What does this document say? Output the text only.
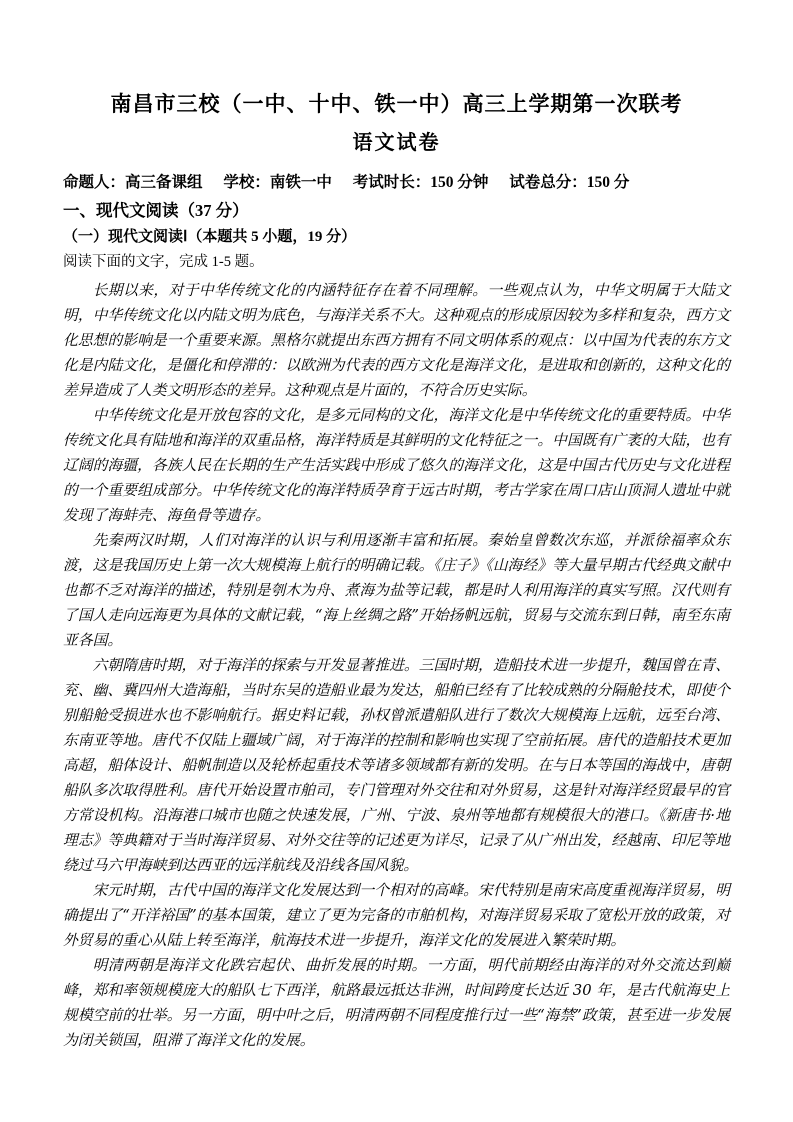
南昌市三校（一中、十中、铁一中）高三上学期第一次联考
语文试卷
命题人：高三备课组 学校：南铁一中 考试时长：150 分钟 试卷总分：150 分
一、现代文阅读（37 分）
（一）现代文阅读Ⅰ（本题共 5 小题，19 分）
阅读下面的文字，完成 1-5 题。

长期以来，对于中华传统文化的内涵特征存在着不同理解。一些观点认为，中华文明属于大陆文明，中华传统文化以内陆文明为底色，与海洋关系不大。这种观点的形成原因较为多样和复杂，西方文化思想的影响是一个重要来源。黑格尔就提出东西方拥有不同文明体系的观点：以中国为代表的东方文化是内陆文化，是僵化和停滞的：以欧洲为代表的西方文化是海洋文化，是进取和创新的，这种文化的差异造成了人类文明形态的差异。这种观点是片面的，不符合历史实际。

中华传统文化是开放包容的文化，是多元同构的文化，海洋文化是中华传统文化的重要特质。中华传统文化具有陆地和海洋的双重品格，海洋特质是其鲜明的文化特征之一。中国既有广袤的大陆，也有辽阔的海疆，各族人民在长期的生产生活实践中形成了悠久的海洋文化，这是中国古代历史与文化进程的一个重要组成部分。中华传统文化的海洋特质孕育于远古时期，考古学家在周口店山顶洞人遗址中就发现了海蚌壳、海鱼骨等遗存。

先秦两汉时期，人们对海洋的认识与利用逐渐丰富和拓展。秦始皇曾数次东巡，并派徐福率众东渡，这是我国历史上第一次大规模海上航行的明确记载。《庄子》《山海经》等大量早期古代经典文献中也都不乏对海洋的描述，特别是刳木为舟、煮海为盐等记载，都是时人利用海洋的真实写照。汉代则有了国人走向远海更为具体的文献记载，“海上丝绸之路”开始扬帆远航，贸易与交流东到日韩，南至东南亚各国。

六朝隋唐时期，对于海洋的探索与开发显著推进。三国时期，造船技术进一步提升，魏国曾在青、兖、幽、冀四州大造海船，当时东吴的造船业最为发达，船舶已经有了比较成熟的分隔舱技术，即使个别船舱受损进水也不影响航行。据史料记载，孙权曾派遣船队进行了数次大规模海上远航，远至台湾、东南亚等地。唐代不仅陆上疆域广阔，对于海洋的控制和影响也实现了空前拓展。唐代的造船技术更加高超，船体设计、船帆制造以及轮桥起重技术等诸多领域都有新的发明。在与日本等国的海战中，唐朝船队多次取得胜利。唐代开始设置市舶司，专门管理对外交往和对外贸易，这是针对海洋经贸最早的官方常设机构。沿海港口城市也随之快速发展，广州、宁波、泉州等地都有规模很大的港口。《新唐书·地理志》等典籍对于当时海洋贸易、对外交往等的记述更为详尽，记录了从广州出发，经越南、印尼等地绕过马六甲海峡到达西亚的远洋航线及沿线各国风貌。

宋元时期，古代中国的海洋文化发展达到一个相对的高峰。宋代特别是南宋高度重视海洋贸易，明确提出了“开洋裕国”的基本国策，建立了更为完备的市舶机构，对海洋贸易采取了宽松开放的政策，对外贸易的重心从陆上转至海洋，航海技术进一步提升，海洋文化的发展进入繁荣时期。

明清两朝是海洋文化跌宕起伏、曲折发展的时期。一方面，明代前期经由海洋的对外交流达到巅峰，郑和率领规模庞大的船队七下西洋，航路最远抵达非洲，时间跨度长达近 30 年，是古代航海史上规模空前的壮举。另一方面，明中叶之后，明清两朝不同程度推行过一些“海禁”政策，甚至进一步发展为闭关锁国，阻滞了海洋文化的发展。
